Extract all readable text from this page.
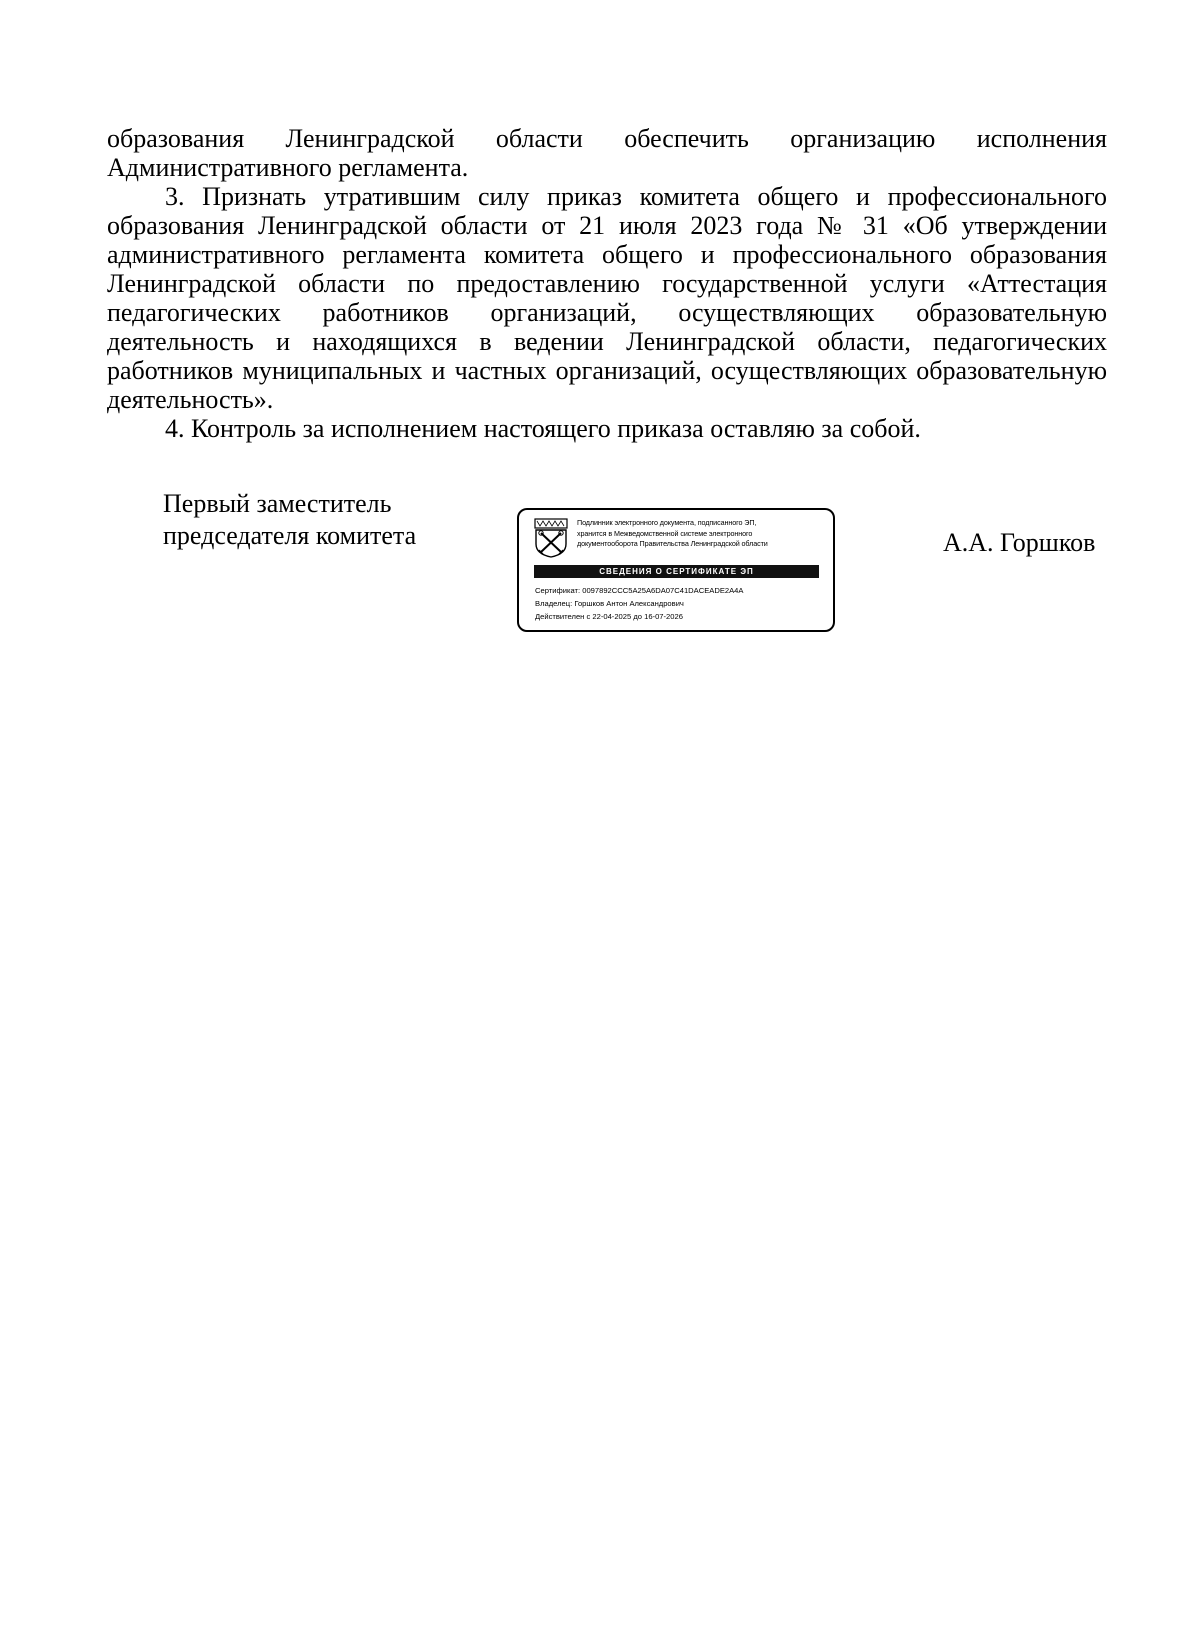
образования Ленинградской области обеспечить организацию исполнения Административного регламента.

3. Признать утратившим силу приказ комитета общего и профессионального образования Ленинградской области от 21 июля 2023 года № 31 «Об утверждении административного регламента комитета общего и профессионального образования Ленинградской области по предоставлению государственной услуги «Аттестация педагогических работников организаций, осуществляющих образовательную деятельность и находящихся в ведении Ленинградской области, педагогических работников муниципальных и частных организаций, осуществляющих образовательную деятельность».

4. Контроль за исполнением настоящего приказа оставляю за собой.

Первый заместитель
председателя комитета	Подлинник электронного документа, подписанного ЭП,
хранится в Межведомственной системе электронного
документооборота Правительства Ленинградской области
СВЕДЕНИЯ О СЕРТИФИКАТЕ ЭП
Сертификат: 0097892CCC5A25A6DA07C41DACEADE2A4A
Владелец: Горшков Антон Александрович
Действителен с 22-04-2025 до 16-07-2026
А.А. Горшков
